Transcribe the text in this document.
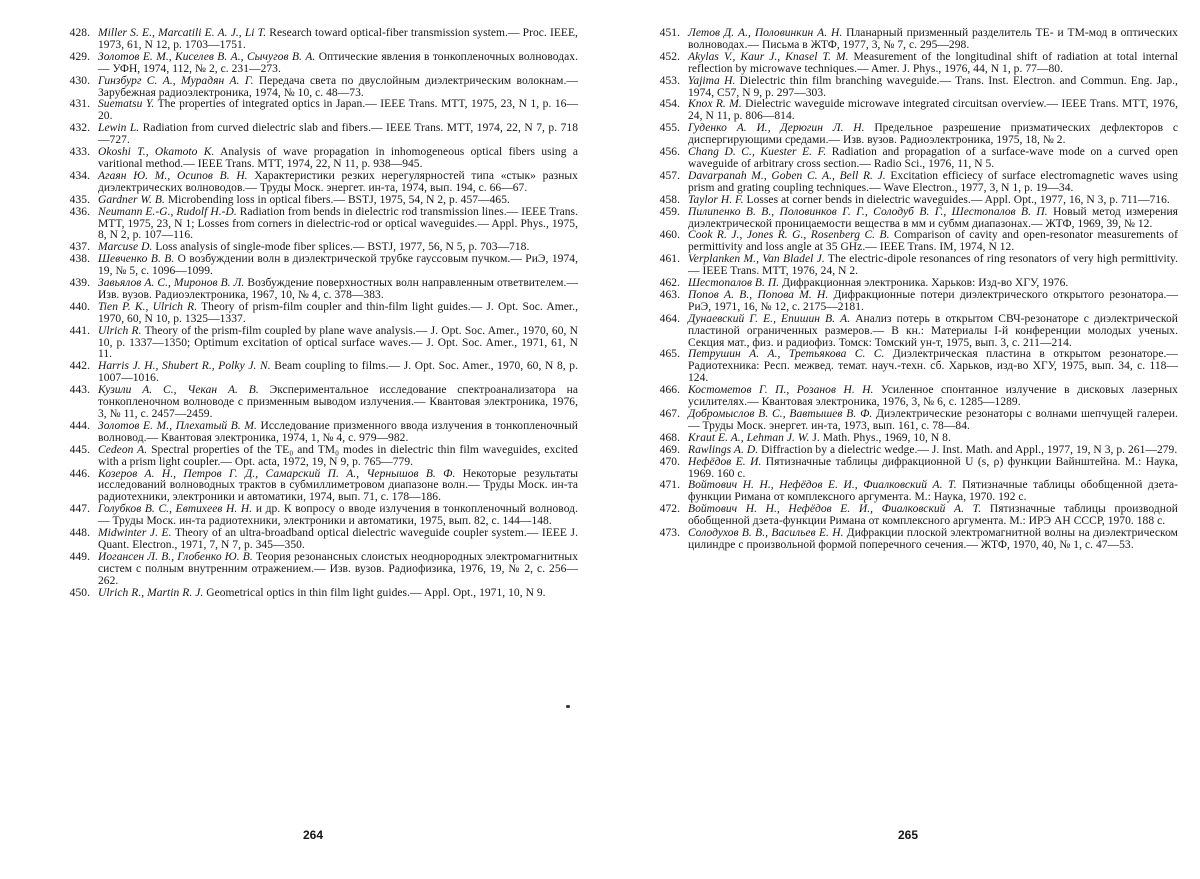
428. Miller S. E., Marcatili E. A. J., Li T. Research toward optical-fiber transmission system.— Proc. IEEE, 1973, 61, N 12, p. 1703—1751.

429. Золотов Е. М., Киселев В. А., Сычугов В. А. Оптические явления в тонкопленочных волноводах.— УФН, 1974, 112, № 2, с. 231—273.

430. Гинзбург С. А., Мурадян А. Г. Передача света по двуслойным диэлектрическим волокнам.— Зарубежная радиоэлектроника, 1974, № 10, с. 48—73.

431. Suematsu Y. The properties of integrated optics in Japan.— IEEE Trans. MTT, 1975, 23, N 1, p. 16—20.

432. Lewin L. Radiation from curved dielectric slab and fibers.— IEEE Trans. MTT, 1974, 22, N 7, p. 718—727.

433. Okoshi T., Okamoto K. Analysis of wave propagation in inhomogeneous optical fibers using a varitional method.— IEEE Trans. MTT, 1974, 22, N 11, p. 938—945.

434. Агаян Ю. М., Осипов В. Н. Характеристики резких нерегулярностей типа «стык» разных диэлектрических волноводов.— Труды Моск. энергет. ин-та, 1974, вып. 194, с. 66—67.

435. Gardner W. B. Microbending loss in optical fibers.— BSTJ, 1975, 54, N 2, p. 457—465.

436. Neumann E.-G., Rudolf H.-D. Radiation from bends in dielectric rod transmission lines.— IEEE Trans. MTT, 1975, 23, N 1; Losses from corners in dielectric-rod or optical waveguides.— Appl. Phys., 1975, 8, N 2, p. 107—116.

437. Marcuse D. Loss analysis of single-mode fiber splices.— BSTJ, 1977, 56, N 5, p. 703—718.

438. Шевченко В. В. О возбуждении волн в диэлектрической трубке гауссовым пучком.— РиЭ, 1974, 19, № 5, с. 1096—1099.

439. Завьялов А. С., Миронов В. Л. Возбуждение поверхностных волн направленным ответвителем.— Изв. вузов. Радиоэлектроника, 1967, 10, № 4, с. 378—383.

440. Tien P. K., Ulrich R. Theory of prism-film coupler and thin-film light guides.— J. Opt. Soc. Amer., 1970, 60, N 10, p. 1325—1337.

441. Ulrich R. Theory of the prism-film coupled by plane wave analysis.— J. Opt. Soc. Amer., 1970, 60, N 10, p. 1337—1350; Optimum excitation of optical surface waves.— J. Opt. Soc. Amer., 1971, 61, N 11.

442. Harris J. H., Shubert R., Polky J. N. Beam coupling to films.— J. Opt. Soc. Amer., 1970, 60, N 8, p. 1007—1016.

443. Кузили А. С., Чекан А. В. Экспериментальное исследование спектроанализатора на тонкопленочном волноводе с призменным выводом излучения.— Квантовая электроника, 1976, 3, № 11, с. 2457—2459.

444. Золотов Е. М., Плехатый В. М. Исследование призменного ввода излучения в тонкопленочный волновод.— Квантовая электроника, 1974, 1, № 4, с. 979—982.

445. Cedeon A. Spectral properties of the TE₀ and TM₀ modes in dielectric thin film waveguides, excited with a prism light coupler.— Opt. acta, 1972, 19, N 9, p. 765—779.

446. Козеров А. Н., Петров Г. Д., Самарский П. А., Чернышов В. Ф. Некоторые результаты исследований волноводных трактов в субмиллиметровом диапазоне волн.— Труды Моск. ин-та радиотехники, электроники и автоматики, 1974, вып. 71, с. 178—186.

447. Голубков В. С., Евтихеев Н. Н. и др. К вопросу о вводе излучения в тонкопленочный волновод.— Труды Моск. ин-та радиотехники, электроники и автоматики, 1975, вып. 82, с. 144—148.

448. Midwinter J. E. Theory of an ultra-broadband optical dielectric waveguide coupler system.— IEEE J. Quant. Electron., 1971, 7, N 7, p. 345—350.

449. Иогансен Л. В., Глобенко Ю. В. Теория резонансных слоистых неоднородных электромагнитных систем с полным внутренним отражением.— Изв. вузов. Радиофизика, 1976, 19, № 2, с. 256—262.

450. Ulrich R., Martin R. J. Geometrical optics in thin film light guides.— Appl. Opt., 1971, 10, N 9.

264

451. Летов Д. А., Половинкин А. Н. Планарный призменный разделитель TE- и TM-мод в оптических волноводах.— Письма в ЖТФ, 1977, 3, № 7, с. 295—298.

452. Akylas V., Kaur J., Knasel T. M. Measurement of the longitudinal shift of radiation at total internal reflection by microwave techniques.— Amer. J. Phys., 1976, 44, N 1, p. 77—80.

453. Yajima H. Dielectric thin film branching waveguide.— Trans. Inst. Electron. and Commun. Eng. Jap., 1974, C57, N 9, p. 297—303.

454. Knox R. M. Dielectric waveguide microwave integrated circuitsan overview.— IEEE Trans. MTT, 1976, 24, N 11, p. 806—814.

455. Гуденко А. И., Дерюгин Л. Н. Предельное разрешение призматических дефлекторов с диспергирующими средами.— Изв. вузов. Радиоэлектроника, 1975, 18, № 2.

456. Chang D. C., Kuester E. F. Radiation and propagation of a surface-wave mode on a curved open waveguide of arbitrary cross section.— Radio Sci., 1976, 11, N 5.

457. Davarpanah M., Goben C. A., Bell R. J. Excitation efficiecy of surface electromagnetic waves using prism and grating coupling techniques.— Wave Electron., 1977, 3, N 1, p. 19—34.

458. Taylor H. F. Losses at corner bends in dielectric waveguides.— Appl. Opt., 1977, 16, N 3, p. 711—716.

459. Пилипенко В. В., Половинков Г. Г., Солодуб В. Г., Шестопалов В. П. Новый метод измерения диэлектрической проницаемости вещества в мм и субмм диапазонах.— ЖТФ, 1969, 39, № 12.

460. Cook R. J., Jones R. G., Rosenberg C. B. Comparison of cavity and open-resonator measurements of permittivity and loss angle at 35 GHz.— IEEE Trans. IM, 1974, N 12.

461. Verplanken M., Van Bladel J. The electric-dipole resonances of ring resonators of very high permittivity.— IEEE Trans. MTT, 1976, 24, N 2.

462. Шестопалов В. П. Дифракционная электроника. Харьков: Изд-во ХГУ, 1976.

463. Попов А. В., Попова М. Н. Дифракционные потери диэлектрического открытого резонатора.— РиЭ, 1971, 16, № 12, с. 2175—2181.

464. Дунаевский Г. Е., Епишин В. А. Анализ потерь в открытом СВЧ-резонаторе с диэлектрической пластиной ограниченных размеров.— В кн.: Материалы I-й конференции молодых ученых. Секция мат., физ. и радиофиз. Томск: Томский ун-т, 1975, вып. 3, с. 211—214.

465. Петрушин А. А., Третьякова С. С. Диэлектрическая пластина в открытом резонаторе.— Радиотехника: Респ. межвед. темат. науч.-техн. сб. Харьков, изд-во ХГУ, 1975, вып. 34, с. 118—124.

466. Костометов Г. П., Розанов Н. Н. Усиленное спонтанное излучение в дисковых лазерных усилителях.— Квантовая электроника, 1976, 3, № 6, с. 1285—1289.

467. Добромыслов В. С., Вавтышев В. Ф. Диэлектрические резонаторы с волнами шепчущей галереи.— Труды Моск. энергет. ин-та, 1973, вып. 161, с. 78—84.

468. Kraut E. A., Lehman J. W. J. Math. Phys., 1969, 10, N 8.

469. Rawlings A. D. Diffraction by a dielectric wedge.— J. Inst. Math. and Appl., 1977, 19, N 3, p. 261—279.

470. Нефёдов Е. И. Пятизначные таблицы дифракционной U (s, ρ) функции Вайнштейна. М.: Наука, 1969. 160 с.

471. Войтович Н. Н., Нефёдов Е. И., Фиалковский А. Т. Пятизначные таблицы обобщенной дзета-функции Римана от комплексного аргумента. М.: Наука, 1970. 192 с.

472. Войтович Н. Н., Нефёдов Е. И., Фиалковский А. Т. Пятизначные таблицы производной обобщенной дзета-функции Римана от комплексного аргумента. М.: ИРЭ АН СССР, 1970. 188 с.

473. Солодухов В. В., Васильев Е. Н. Дифракции плоской электромагнитной волны на диэлектрическом цилиндре с произвольной формой поперечного сечения.— ЖТФ, 1970, 40, № 1, с. 47—53.

265
